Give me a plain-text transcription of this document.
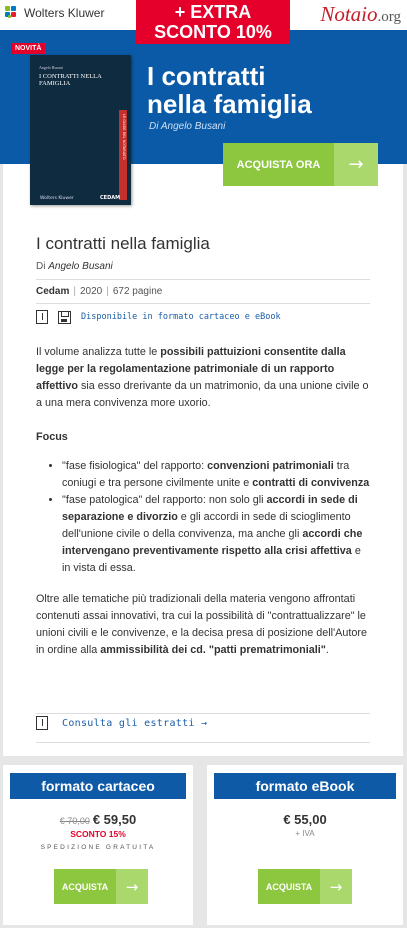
Wolters Kluwer	Notaio.org
+ EXTRA
SCONTO 10%
NOVITÀ
Angelo Busani
I CONTRATTI NELLA FAMIGLIA
LE GUIDE DEL NOTARIATO
Wolters Kluwer	CEDAM
I contratti
nella famiglia
Di Angelo Busani
ACQUISTA ORA	→
I contratti nella famiglia
Di Angelo Busani
Cedam | 2020 | 672 pagine
Disponibile in formato cartaceo e eBook

Il volume analizza tutte le possibili pattuizioni consentite dalla legge per la regolamentazione patrimoniale di un rapporto affettivo sia esso drerivante da un matrimonio, da una unione civile o a una mera convivenza more uxorio.

Focus
• "fase fisiologica" del rapporto: convenzioni patrimoniali tra coniugi e tra persone civilmente unite e contratti di convivenza
• "fase patologica" del rapporto: non solo gli accordi in sede di separazione e divorzio e gli accordi in sede di scioglimento dell'unione civile o della convivenza, ma anche gli accordi che intervengano preventivamente rispetto alla crisi affettiva e in vista di essa.

Oltre alle tematiche più tradizionali della materia vengono affrontati contenuti assai innovativi, tra cui la possibilità di "contrattualizzare" le unioni civili e le convivenze, e la decisa presa di posizione dell'Autore in ordine alla ammissibilità dei cd. "patti prematrimoniali".

Consulta gli estratti →
formato cartaceo
€ 70,00 € 59,50
SCONTO 15%
SPEDIZIONE GRATUITA
ACQUISTA	→
formato eBook
€ 55,00
+ IVA
ACQUISTA	→
